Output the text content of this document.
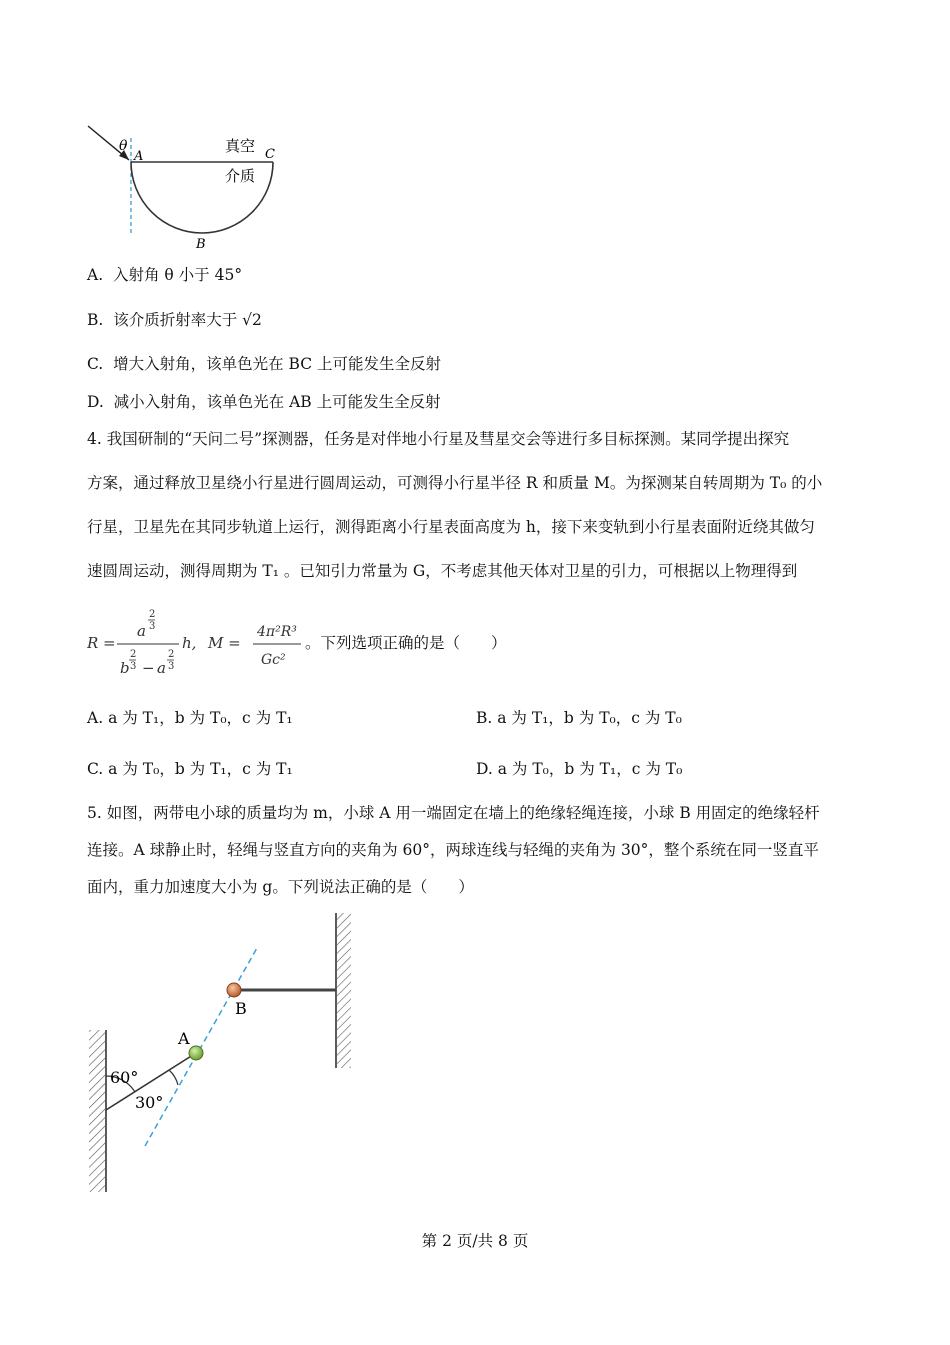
θ
A	C
B
真空
介质
A. 入射角 θ 小于 45°
B. 该介质折射率大于 √2
C. 增大入射角，该单色光在 BC 上可能发生全反射
D. 减小入射角，该单色光在 AB 上可能发生全反射
4. 我国研制的“天问二号”探测器，任务是对伴地小行星及彗星交会等进行多目标探测。某同学提出探究
方案，通过释放卫星绕小行星进行圆周运动，可测得小行星半径 R 和质量 M。为探测某自转周期为 T₀ 的小
行星，卫星先在其同步轨道上运行，测得距离小行星表面高度为 h，接下来变轨到小行星表面附近绕其做匀
速圆周运动，测得周期为 T₁ 。已知引力常量为 G，不考虑其他天体对卫星的引力，可根据以上物理得到
R =
a
2
3
b
2
3 − a
2
3
h, M =
4π²R³
Gc²
。下列选项正确的是（　　）
A. a 为 T₁，b 为 T₀，c 为 T₁	B. a 为 T₁，b 为 T₀，c 为 T₀
C. a 为 T₀，b 为 T₁，c 为 T₁	D. a 为 T₀，b 为 T₁，c 为 T₀
5. 如图，两带电小球的质量均为 m，小球 A 用一端固定在墙上的绝缘轻绳连接，小球 B 用固定的绝缘轻杆
连接。A 球静止时，轻绳与竖直方向的夹角为 60°，两球连线与轻绳的夹角为 30°，整个系统在同一竖直平
面内，重力加速度大小为 g。下列说法正确的是（　　）
A
B
60°
30°
第 2 页/共 8 页
